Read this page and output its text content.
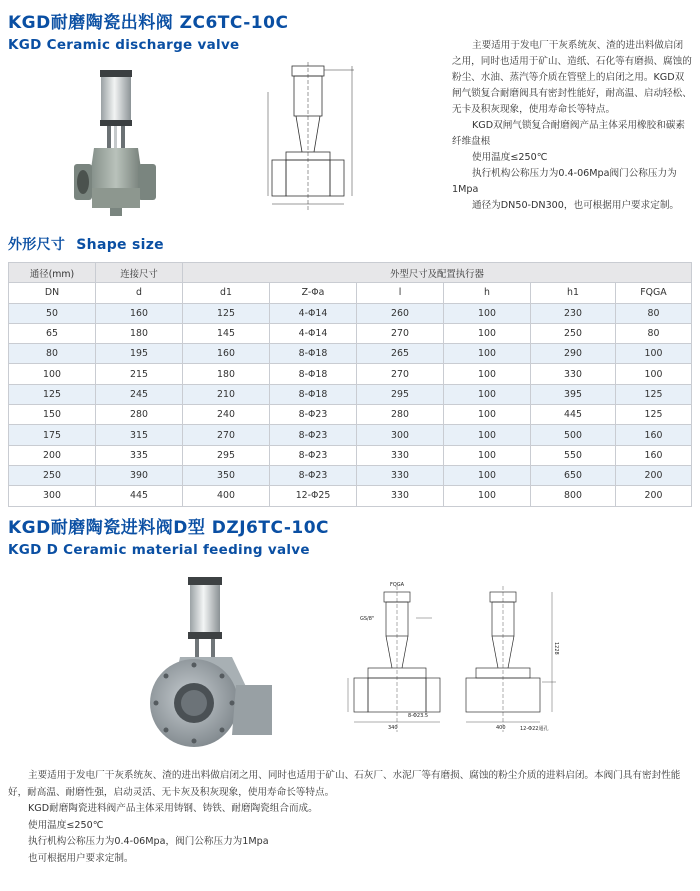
KGD耐磨陶瓷出料阀 ZC6TC-10C
KGD Ceramic discharge valve	主要适用于发电厂干灰系统灰、渣的进出料做启闭之用，同时也适用于矿山、造纸、石化等有磨损、腐蚀的粉尘、水油、蒸汽等介质在管壁上的启闭之用。KGD双闸气锁复合耐磨阀具有密封性能好，耐高温、启动轻松、无卡及积灰现象，使用寿命长等特点。

KGD双闸气锁复合耐磨阀产品主体采用橡胶和碳素纤维盘根

使用温度≤250℃

执行机构公称压力为0.4-06Mpa阀门公称压力为1Mpa

通径为DN50-DN300，也可根据用户要求定制。

外形尺寸 Shape size
通径(mm)	连接尺寸	外型尺寸及配置执行器					
DN	d	d1	Z-Φa	l	h	h1	FQGA
50	160	125	4-Φ14	260	100	230	80
65	180	145	4-Φ14	270	100	250	80
80	195	160	8-Φ18	265	100	290	100
100	215	180	8-Φ18	270	100	330	100
125	245	210	8-Φ18	295	100	395	125
150	280	240	8-Φ23	280	100	445	125
175	315	270	8-Φ23	300	100	500	160
200	335	295	8-Φ23	330	100	550	160
250	390	350	8-Φ23	330	100	650	200
300	445	400	12-Φ25	330	100	800	200
KGD耐磨陶瓷进料阀D型 DZJ6TC-10C
KGD D Ceramic material feeding valve
FQGA
GS/8"
340
8-Φ23.5
400	12-Φ22通孔
1228

主要适用于发电厂干灰系统灰、渣的进出料做启闭之用、同时也适用于矿山、石灰厂、水泥厂等有磨损、腐蚀的粉尘介质的进料启闭。本阀门具有密封性能好，耐高温、耐磨性强，启动灵活、无卡灰及积灰现象，使用寿命长等特点。

KGD耐磨陶瓷进料阀产品主体采用铸钢、铸铁、耐磨陶瓷组合而成。

使用温度≤250℃

执行机构公称压力为0.4-06Mpa，阀门公称压力为1Mpa

也可根据用户要求定制。
